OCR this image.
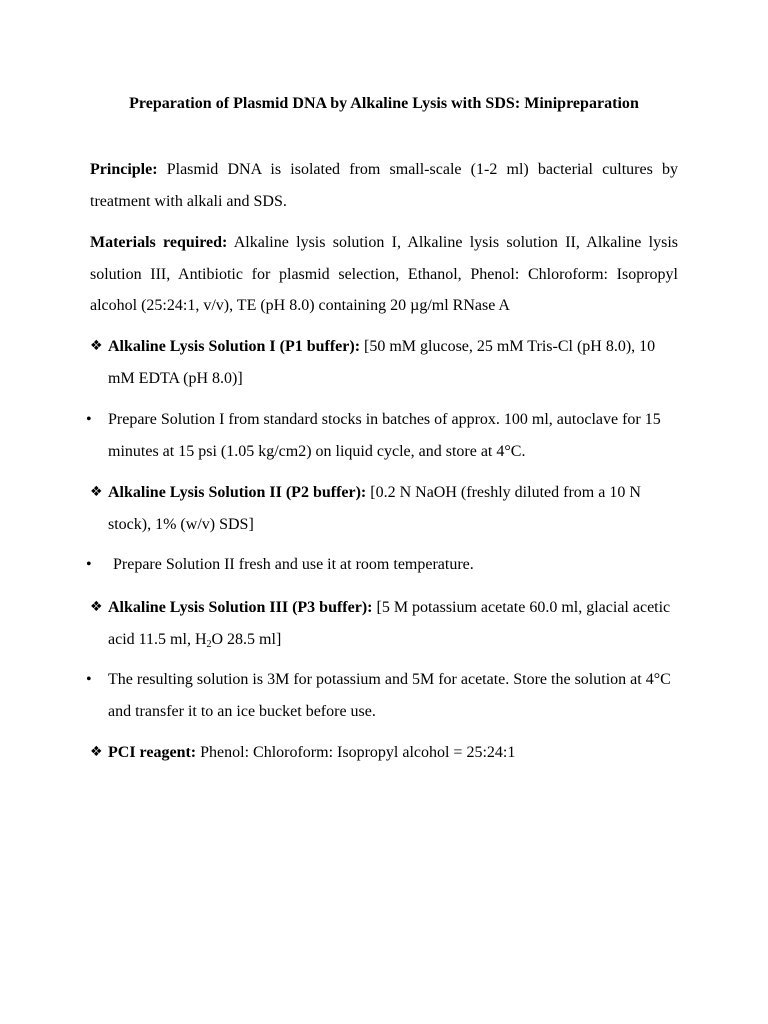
Preparation of Plasmid DNA by Alkaline Lysis with SDS: Minipreparation

Principle: Plasmid DNA is isolated from small-scale (1-2 ml) bacterial cultures by treatment with alkali and SDS.

Materials required: Alkaline lysis solution I, Alkaline lysis solution II, Alkaline lysis solution III, Antibiotic for plasmid selection, Ethanol, Phenol: Chloroform: Isopropyl alcohol (25:24:1, v/v), TE (pH 8.0) containing 20 µg/ml RNase A

❖ Alkaline Lysis Solution I (P1 buffer): [50 mM glucose, 25 mM Tris-Cl (pH 8.0), 10 mM EDTA (pH 8.0)]
•	Prepare Solution I from standard stocks in batches of approx. 100 ml, autoclave for 15 minutes at 15 psi (1.05 kg/cm2) on liquid cycle, and store at 4°C.
❖ Alkaline Lysis Solution II (P2 buffer): [0.2 N NaOH (freshly diluted from a 10 N stock), 1% (w/v) SDS]
•	Prepare Solution II fresh and use it at room temperature.
❖ Alkaline Lysis Solution III (P3 buffer): [5 M potassium acetate 60.0 ml, glacial acetic acid 11.5 ml, $H_2O$ 28.5 ml]
•	The resulting solution is 3M for potassium and 5M for acetate. Store the solution at 4°C and transfer it to an ice bucket before use.
❖ PCI reagent: Phenol: Chloroform: Isopropyl alcohol = 25:24:1
